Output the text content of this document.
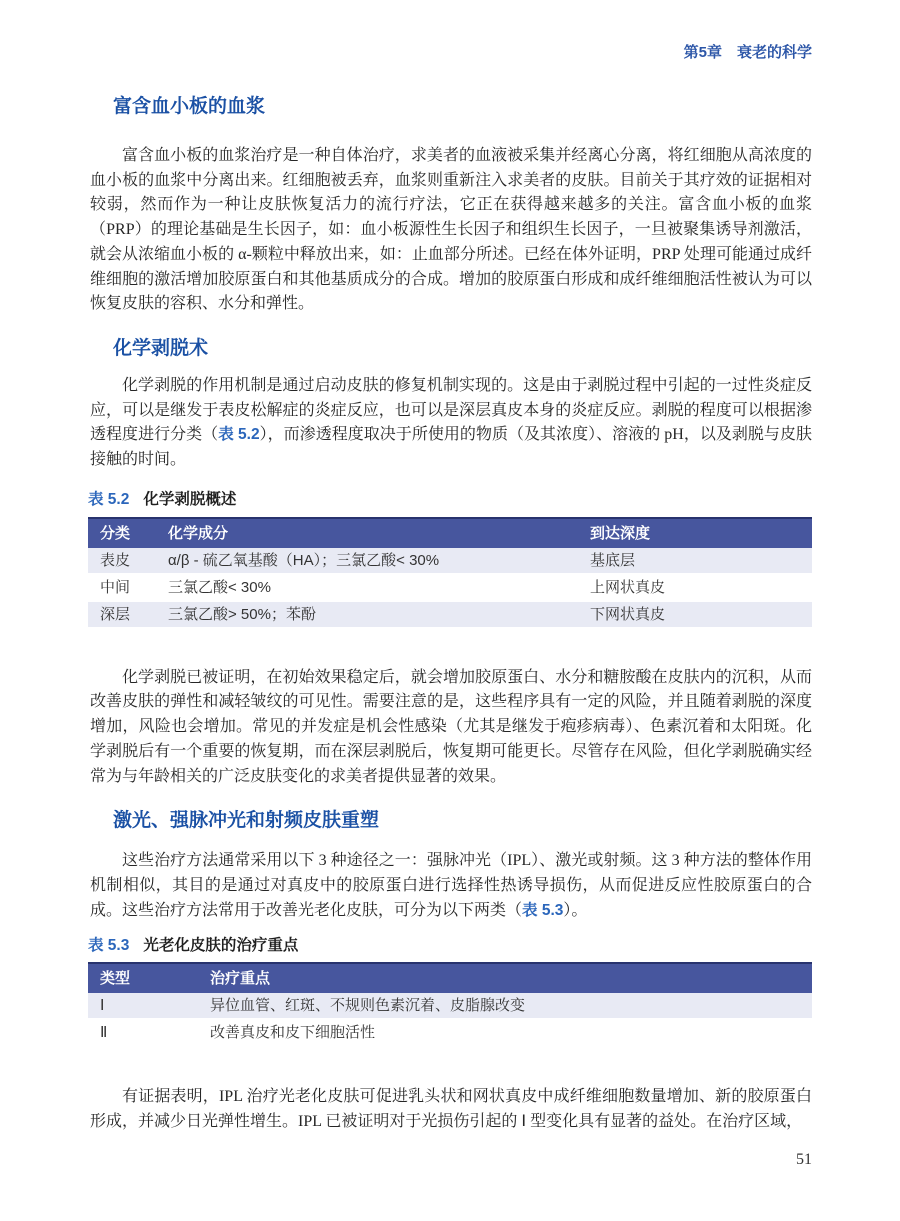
第5章　衰老的科学
富含血小板的血浆

富含血小板的血浆治疗是一种自体治疗，求美者的血液被采集并经离心分离，将红细胞从高浓度的血小板的血浆中分离出来。红细胞被丢弃，血浆则重新注入求美者的皮肤。目前关于其疗效的证据相对较弱，然而作为一种让皮肤恢复活力的流行疗法，它正在获得越来越多的关注。富含血小板的血浆（PRP）的理论基础是生长因子，如：血小板源性生长因子和组织生长因子，一旦被聚集诱导剂激活，就会从浓缩血小板的 α-颗粒中释放出来，如：止血部分所述。已经在体外证明，PRP 处理可能通过成纤维细胞的激活增加胶原蛋白和其他基质成分的合成。增加的胶原蛋白形成和成纤维细胞活性被认为可以恢复皮肤的容积、水分和弹性。

化学剥脱术

化学剥脱的作用机制是通过启动皮肤的修复机制实现的。这是由于剥脱过程中引起的一过性炎症反应，可以是继发于表皮松解症的炎症反应，也可以是深层真皮本身的炎症反应。剥脱的程度可以根据渗透程度进行分类（表 5.2），而渗透程度取决于所使用的物质（及其浓度）、溶液的 pH，以及剥脱与皮肤接触的时间。

表 5.2 化学剥脱概述
分类	化学成分	到达深度
表皮	α/β - 硫乙氧基酸（HA）；三氯乙酸< 30%	基底层
中间	三氯乙酸< 30%	上网状真皮
深层	三氯乙酸> 50%；苯酚	下网状真皮

化学剥脱已被证明，在初始效果稳定后，就会增加胶原蛋白、水分和糖胺酸在皮肤内的沉积，从而改善皮肤的弹性和减轻皱纹的可见性。需要注意的是，这些程序具有一定的风险，并且随着剥脱的深度增加，风险也会增加。常见的并发症是机会性感染（尤其是继发于疱疹病毒）、色素沉着和太阳斑。化学剥脱后有一个重要的恢复期，而在深层剥脱后，恢复期可能更长。尽管存在风险，但化学剥脱确实经常为与年龄相关的广泛皮肤变化的求美者提供显著的效果。

激光、强脉冲光和射频皮肤重塑

这些治疗方法通常采用以下 3 种途径之一：强脉冲光（IPL）、激光或射频。这 3 种方法的整体作用机制相似，其目的是通过对真皮中的胶原蛋白进行选择性热诱导损伤，从而促进反应性胶原蛋白的合成。这些治疗方法常用于改善光老化皮肤，可分为以下两类（表 5.3）。

表 5.3 光老化皮肤的治疗重点
类型	治疗重点
Ⅰ	异位血管、红斑、不规则色素沉着、皮脂腺改变
Ⅱ	改善真皮和皮下细胞活性

有证据表明，IPL 治疗光老化皮肤可促进乳头状和网状真皮中成纤维细胞数量增加、新的胶原蛋白形成，并减少日光弹性增生。IPL 已被证明对于光损伤引起的 Ⅰ 型变化具有显著的益处。在治疗区域，

51
